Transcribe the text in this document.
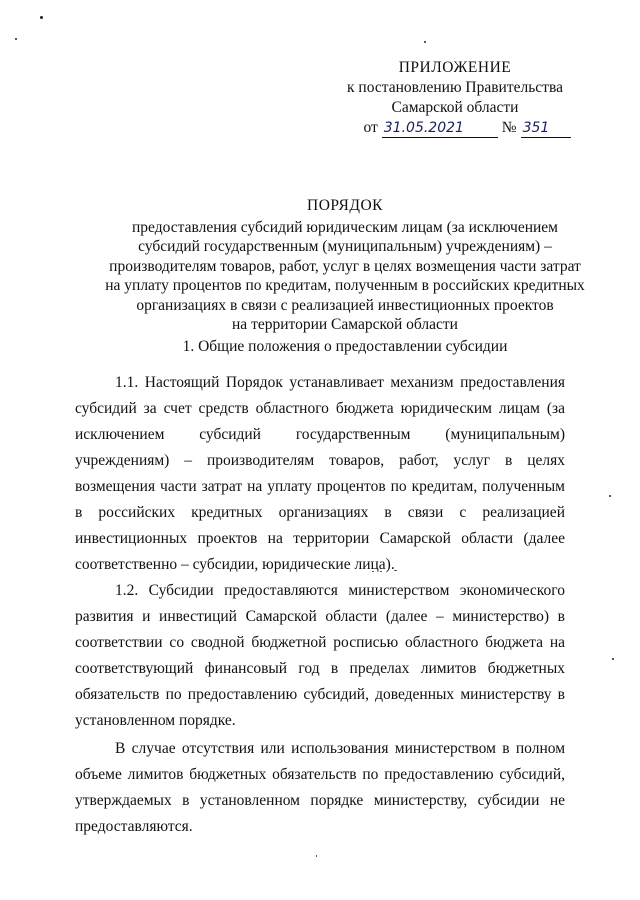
ПРИЛОЖЕНИЕ
к постановлению Правительства
Самарской области
от 31.05.2021	№ 351
ПОРЯДОК
предоставления субсидий юридическим лицам (за исключением
субсидий государственным (муниципальным) учреждениям) –
производителям товаров, работ, услуг в целях возмещения части затрат
на уплату процентов по кредитам, полученным в российских кредитных
организациях в связи с реализацией инвестиционных проектов
на территории Самарской области
1. Общие положения о предоставлении субсидии

1.1. Настоящий Порядок устанавливает механизм предоставления субсидий за счет средств областного бюджета юридическим лицам (за исключением субсидий государственным (муниципальным) учреждениям) – производителям товаров, работ, услуг в целях возмещения части затрат на уплату процентов по кредитам, полученным в российских кредитных организациях в связи с реализацией инвестиционных проектов на территории Самарской области (далее соответственно – субсидии, юридические лица).

1.2. Субсидии предоставляются министерством экономического развития и инвестиций Самарской области (далее – министерство) в соответствии со сводной бюджетной росписью областного бюджета на соответствующий финансовый год в пределах лимитов бюджетных обязательств по предоставлению субсидий, доведенных министерству в установленном порядке.

В случае отсутствия или использования министерством в полном объеме лимитов бюджетных обязательств по предоставлению субсидий, утверждаемых в установленном порядке министерству, субсидии не предоставляются.
